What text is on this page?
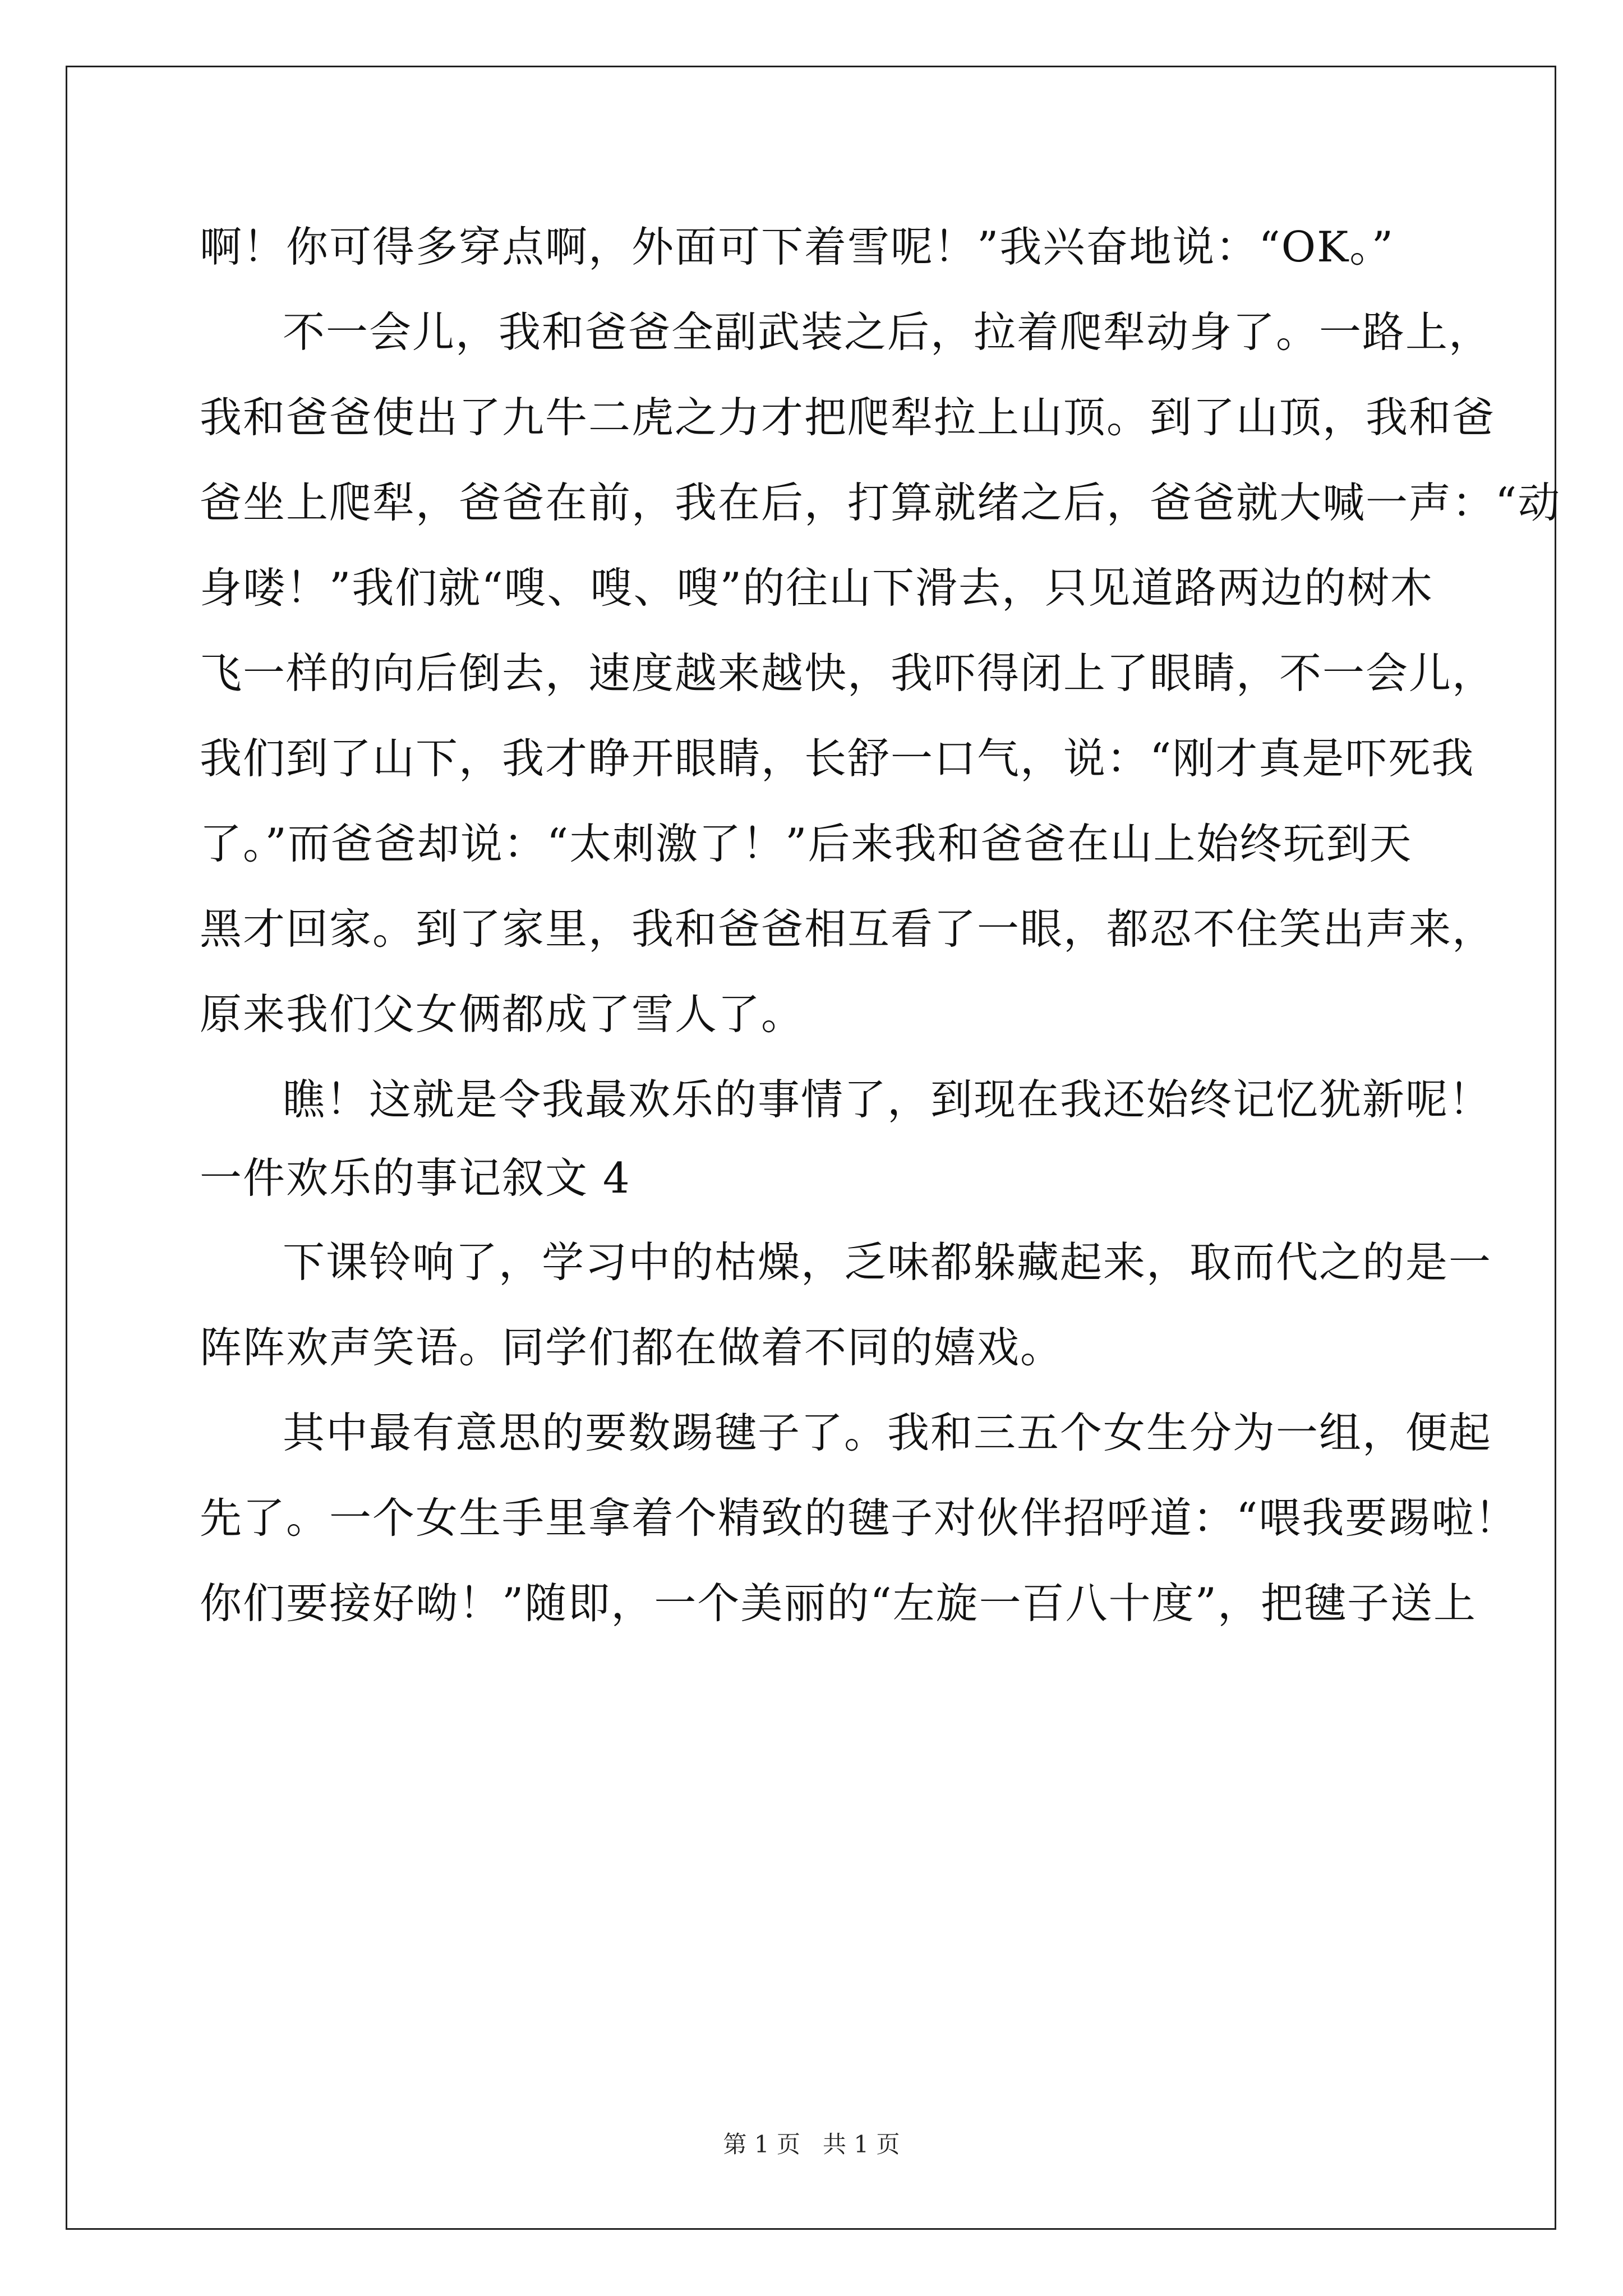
啊！你可得多穿点啊，外面可下着雪呢！”我兴奋地说：“OK。”
不一会儿，我和爸爸全副武装之后，拉着爬犁动身了。一路上，
我和爸爸使出了九牛二虎之力才把爬犁拉上山顶。到了山顶，我和爸
爸坐上爬犁，爸爸在前，我在后，打算就绪之后，爸爸就大喊一声：“动
身喽！”我们就“嗖、嗖、嗖”的往山下滑去，只见道路两边的树木
飞一样的向后倒去，速度越来越快，我吓得闭上了眼睛，不一会儿，
我们到了山下，我才睁开眼睛，长舒一口气，说：“刚才真是吓死我
了。”而爸爸却说：“太刺激了！”后来我和爸爸在山上始终玩到天
黑才回家。到了家里，我和爸爸相互看了一眼，都忍不住笑出声来，
原来我们父女俩都成了雪人了。
瞧！这就是令我最欢乐的事情了，到现在我还始终记忆犹新呢！
一件欢乐的事记叙文 4
下课铃响了，学习中的枯燥，乏味都躲藏起来，取而代之的是一
阵阵欢声笑语。同学们都在做着不同的嬉戏。
其中最有意思的要数踢毽子了。我和三五个女生分为一组，便起
先了。一个女生手里拿着个精致的毽子对伙伴招呼道：“喂我要踢啦！
你们要接好呦！”随即，一个美丽的“左旋一百八十度”，把毽子送上
第 1 页   共 1 页
